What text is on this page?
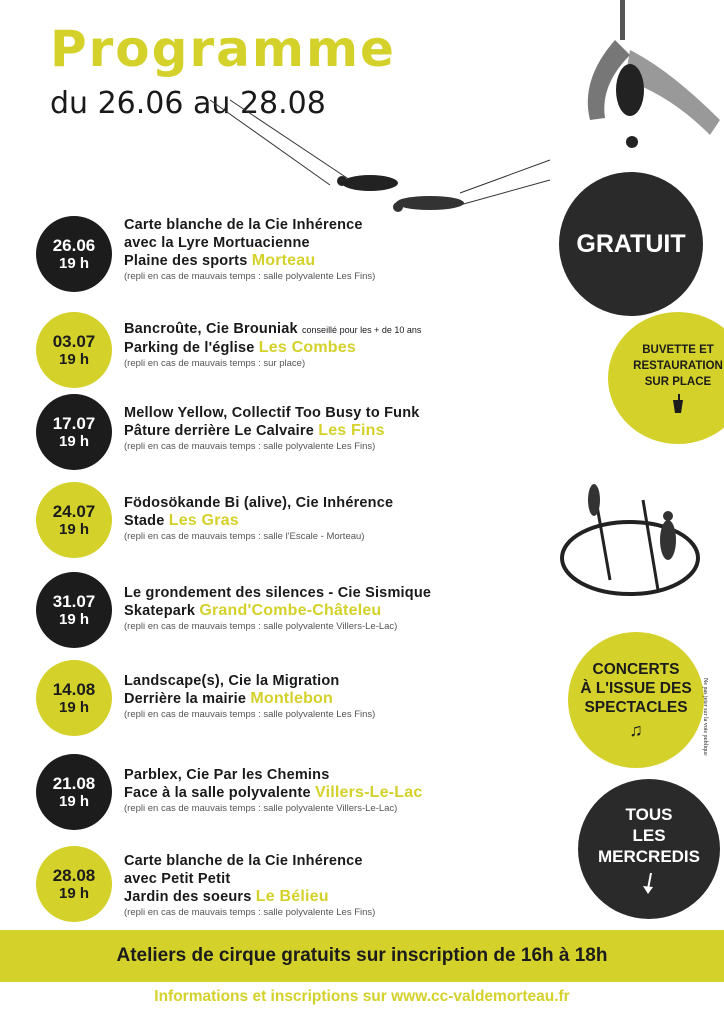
Programme
du 26.06 au 28.08
26.06
19 h
Carte blanche de la Cie Inhérence
avec la Lyre Mortuacienne
Plaine des sports Morteau
(repli en cas de mauvais temps : salle polyvalente Les Fins)
03.07
19 h
Bancroûte, Cie Brouniak conseillé pour les + de 10 ans
Parking de l'église Les Combes
(repli en cas de mauvais temps : sur place)
17.07
19 h
Mellow Yellow, Collectif Too Busy to Funk
Pâture derrière Le Calvaire Les Fins
(repli en cas de mauvais temps : salle polyvalente Les Fins)
24.07
19 h
Födosökande Bi (alive), Cie Inhérence
Stade Les Gras
(repli en cas de mauvais temps : salle l'Escale - Morteau)
31.07
19 h
Le grondement des silences - Cie Sismique
Skatepark Grand'Combe-Châteleu
(repli en cas de mauvais temps : salle polyvalente Villers-Le-Lac)
14.08
19 h
Landscape(s), Cie la Migration
Derrière la mairie Montlebon
(repli en cas de mauvais temps : salle polyvalente Les Fins)
21.08
19 h
Parblex, Cie Par les Chemins
Face à la salle polyvalente Villers-Le-Lac
(repli en cas de mauvais temps : salle polyvalente Villers-Le-Lac)
28.08
19 h
Carte blanche de la Cie Inhérence
avec Petit Petit
Jardin des soeurs Le Bélieu
(repli en cas de mauvais temps : salle polyvalente Les Fins)
GRATUIT
BUVETTE ET
RESTAURATION
SUR PLACE
CONCERTS
À L'ISSUE DES
SPECTACLES
♫
TOUS
LES
MERCREDIS
Ne pas jeter sur la voie publique
Ateliers de cirque gratuits sur inscription de 16h à 18h
Informations et inscriptions sur www.cc-valdemorteau.fr
